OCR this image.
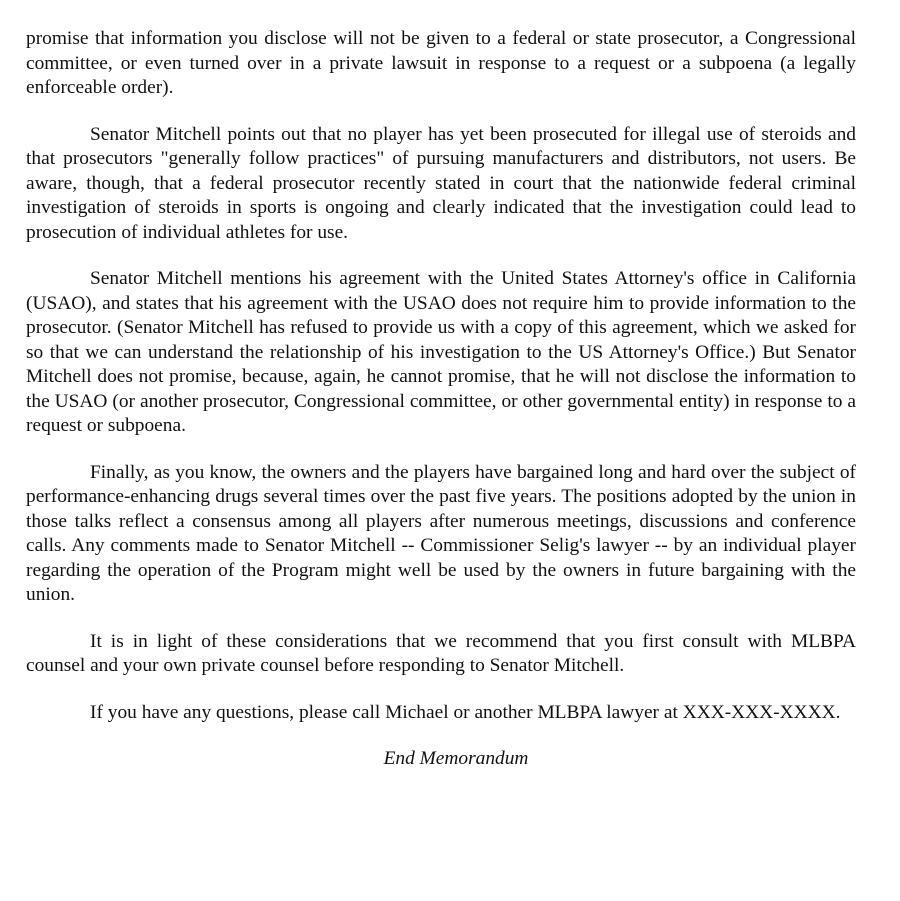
promise that information you disclose will not be given to a federal or state prosecutor, a Congressional committee, or even turned over in a private lawsuit in response to a request or a subpoena (a legally enforceable order).

Senator Mitchell points out that no player has yet been prosecuted for illegal use of steroids and that prosecutors "generally follow practices" of pursuing manufacturers and distributors, not users. Be aware, though, that a federal prosecutor recently stated in court that the nationwide federal criminal investigation of steroids in sports is ongoing and clearly indicated that the investigation could lead to prosecution of individual athletes for use.

Senator Mitchell mentions his agreement with the United States Attorney's office in California (USAO), and states that his agreement with the USAO does not require him to provide information to the prosecutor. (Senator Mitchell has refused to provide us with a copy of this agreement, which we asked for so that we can understand the relationship of his investigation to the US Attorney's Office.) But Senator Mitchell does not promise, because, again, he cannot promise, that he will not disclose the information to the USAO (or another prosecutor, Congressional committee, or other governmental entity) in response to a request or subpoena.

Finally, as you know, the owners and the players have bargained long and hard over the subject of performance-enhancing drugs several times over the past five years. The positions adopted by the union in those talks reflect a consensus among all players after numerous meetings, discussions and conference calls. Any comments made to Senator Mitchell -- Commissioner Selig's lawyer -- by an individual player regarding the operation of the Program might well be used by the owners in future bargaining with the union.

It is in light of these considerations that we recommend that you first consult with MLBPA counsel and your own private counsel before responding to Senator Mitchell.

If you have any questions, please call Michael or another MLBPA lawyer at XXX-XXX-XXXX.

End Memorandum
